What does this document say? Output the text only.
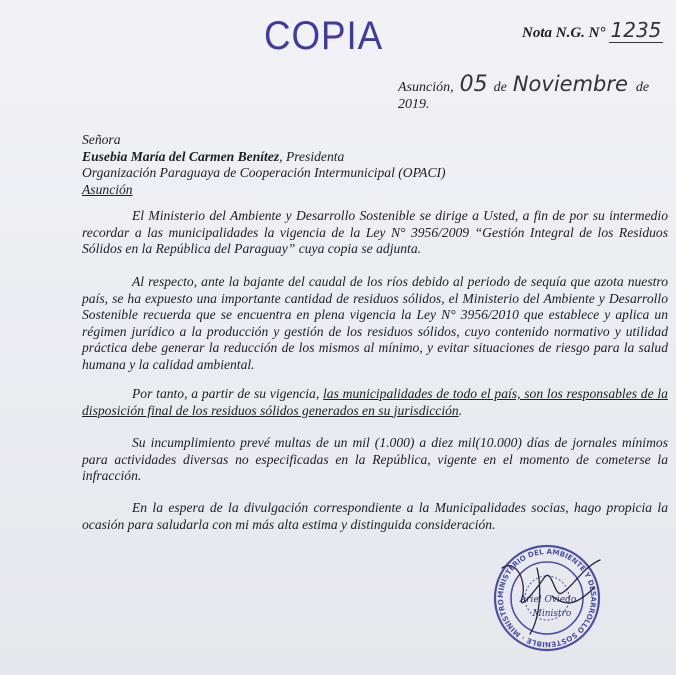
COPIA	Nota N.G. N° 1235
Asunción, 05 de Noviembre de 2019.
Señora
Eusebia María del Carmen Benítez, Presidenta
Organización Paraguaya de Cooperación Intermunicipal (OPACI)
Asunción
El Ministerio del Ambiente y Desarrollo Sostenible se dirige a Usted, a fin de por su intermedio recordar a las municipalidades la vigencia de la Ley N° 3956/2009 “Gestión Integral de los Residuos Sólidos en la República del Paraguay” cuya copia se adjunta.
Al respecto, ante la bajante del caudal de los ríos debido al periodo de sequía que azota nuestro país, se ha expuesto una importante cantidad de residuos sólidos, el Ministerio del Ambiente y Desarrollo Sostenible recuerda que se encuentra en plena vigencia la Ley N° 3956/2010 que establece y aplica un régimen jurídico a la producción y gestión de los residuos sólidos, cuyo contenido normativo y utilidad práctica debe generar la reducción de los mismos al mínimo, y evitar situaciones de riesgo para la salud humana y la calidad ambiental.
Por tanto, a partir de su vigencia, las municipalidades de todo el país, son los responsables de la disposición final de los residuos sólidos generados en su jurisdicción.
Su incumplimiento prevé multas de un mil (1.000) a diez mil(10.000) días de jornales mínimos para actividades diversas no especificadas en la República, vigente en el momento de cometerse la infracción.
En la espera de la divulgación correspondiente a la Municipalidades socias, hago propicia la ocasión para saludarla con mi más alta estima y distinguida consideración.
MINISTERIO DEL AMBIENTE Y DESARROLLO SOSTENIBLE · MINISTRO	Ariel Oviedo
Ministro
